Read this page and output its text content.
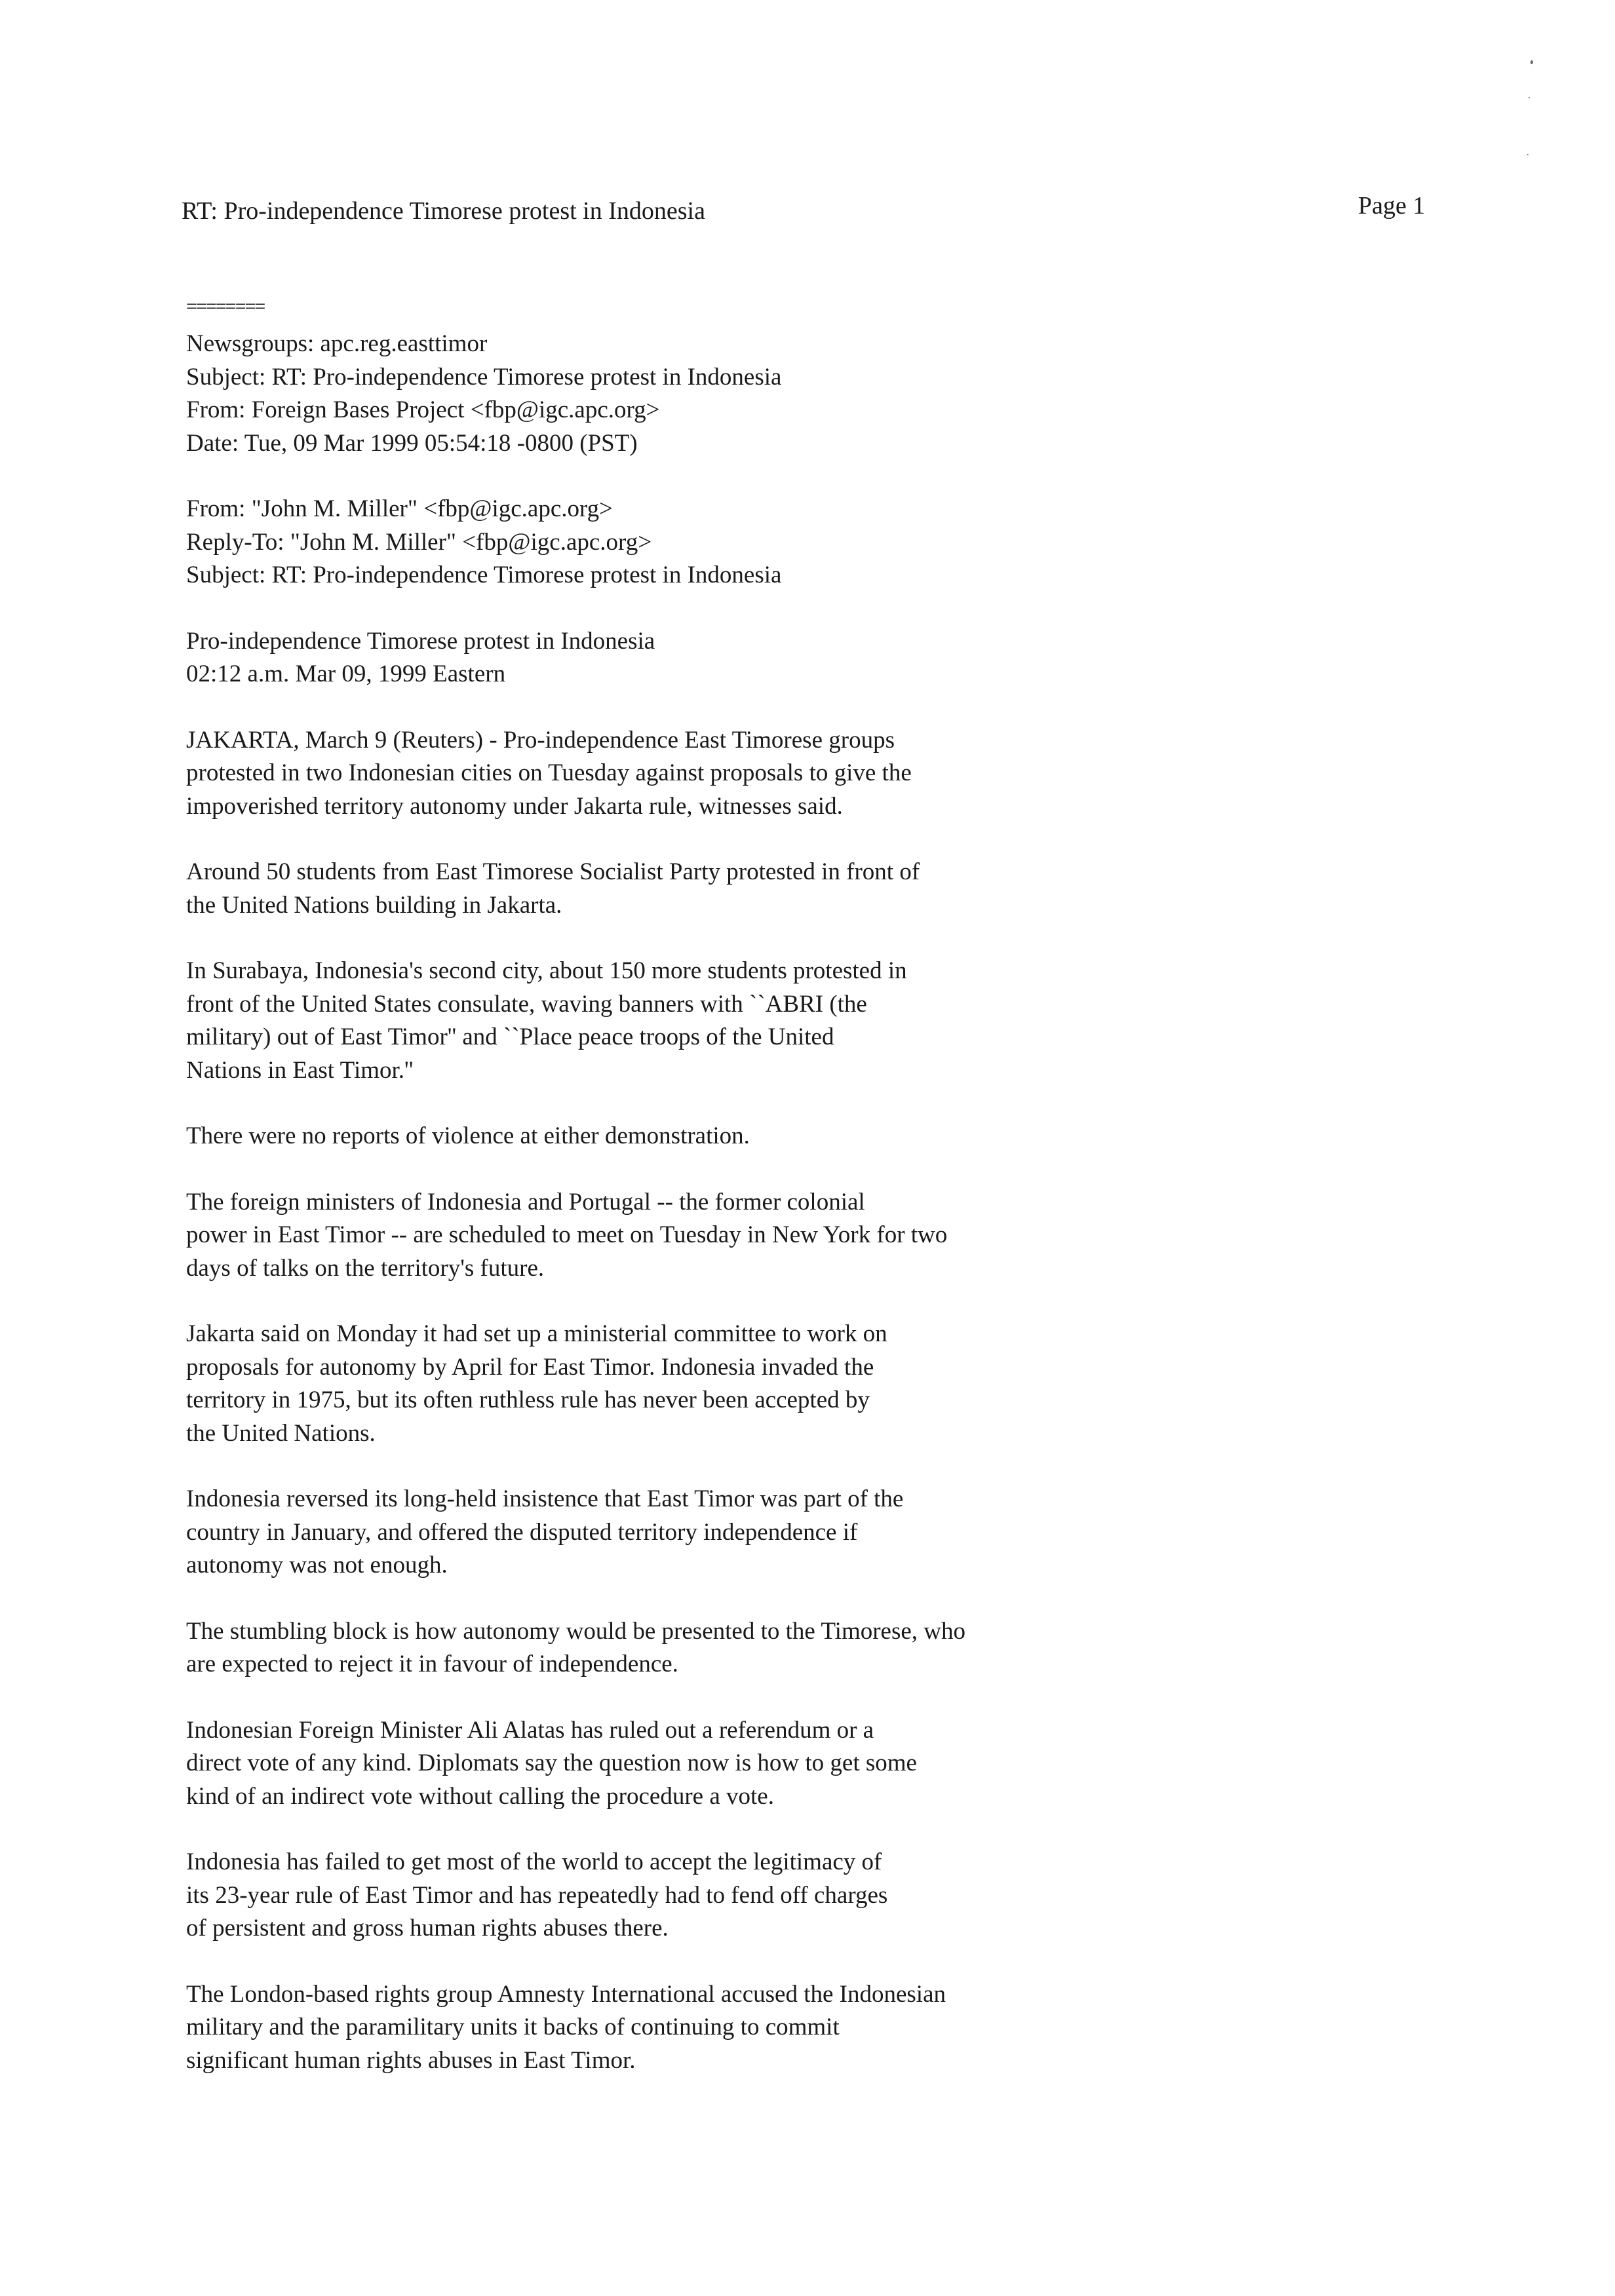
RT: Pro-independence Timorese protest in Indonesia	Page 1
========
Newsgroups: apc.reg.easttimor
Subject: RT: Pro-independence Timorese protest in Indonesia
From: Foreign Bases Project <fbp@igc.apc.org>
Date: Tue, 09 Mar 1999 05:54:18 -0800 (PST)
From: "John M. Miller" <fbp@igc.apc.org>
Reply-To: "John M. Miller" <fbp@igc.apc.org>
Subject: RT: Pro-independence Timorese protest in Indonesia
Pro-independence Timorese protest in Indonesia
02:12 a.m. Mar 09, 1999 Eastern
JAKARTA, March 9 (Reuters) - Pro-independence East Timorese groups
protested in two Indonesian cities on Tuesday against proposals to give the
impoverished territory autonomy under Jakarta rule, witnesses said.
Around 50 students from East Timorese Socialist Party protested in front of
the United Nations building in Jakarta.
In Surabaya, Indonesia's second city, about 150 more students protested in
front of the United States consulate, waving banners with ``ABRI (the
military) out of East Timor'' and ``Place peace troops of the United
Nations in East Timor.''
There were no reports of violence at either demonstration.
The foreign ministers of Indonesia and Portugal -- the former colonial
power in East Timor -- are scheduled to meet on Tuesday in New York for two
days of talks on the territory's future.
Jakarta said on Monday it had set up a ministerial committee to work on
proposals for autonomy by April for East Timor. Indonesia invaded the
territory in 1975, but its often ruthless rule has never been accepted by
the United Nations.
Indonesia reversed its long-held insistence that East Timor was part of the
country in January, and offered the disputed territory independence if
autonomy was not enough.
The stumbling block is how autonomy would be presented to the Timorese, who
are expected to reject it in favour of independence.
Indonesian Foreign Minister Ali Alatas has ruled out a referendum or a
direct vote of any kind. Diplomats say the question now is how to get some
kind of an indirect vote without calling the procedure a vote.
Indonesia has failed to get most of the world to accept the legitimacy of
its 23-year rule of East Timor and has repeatedly had to fend off charges
of persistent and gross human rights abuses there.
The London-based rights group Amnesty International accused the Indonesian
military and the paramilitary units it backs of continuing to commit
significant human rights abuses in East Timor.
